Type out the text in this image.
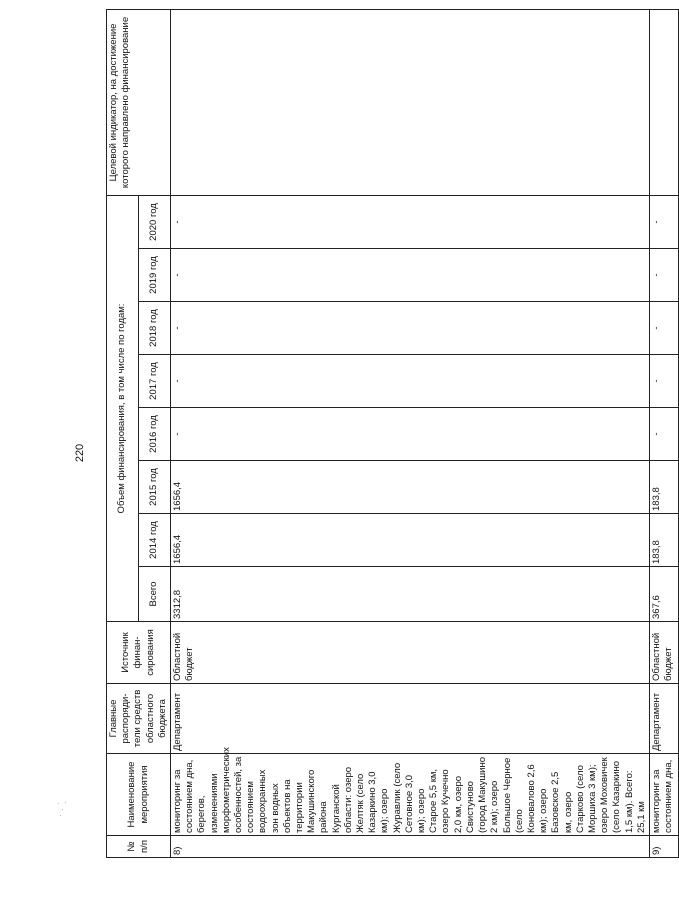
220
№ п/п	Наименование мероприятия	Главные распоряди-тели средств областного бюджета	Источник финан-сирования	Объем финансирования, в том числе по годам:								Целевой индикатор, на достижение которого направлено финансирование
				Всего	2014 год	2015 год	2016 год	2017 год	2018 год	2019 год	2020 год	
8)	мониторинг за состоянием дна, берегов, изменениями морфометрических особенностей, за состоянием водоохранных зон водных объектов на территории Макушинского района Курганской области: озеро Желтяк (село Казаркино 3,0 км); озеро Журавлик (село Сетовное 3,0 км); озеро Старое 5,5 км, озеро Кучечно 2,0 км, озеро Свистуново (город Макушино 2 км); озеро Большое Черное (село Коноваловo 2,6 км); озеро Базовское 2,5 км, озеро Старково (село Моршиха 3 км); озеро Моховичек (село Казаркино 1,5 км). Всего: 25,1 км	Департамент	Областной бюджет	3312,8	1656,4	1656,4	-	-	-	-	-	
9)	мониторинг за состоянием дна,	Департамент	Областной бюджет	367,6	183,8	183,8	-	-	-	-	-	
